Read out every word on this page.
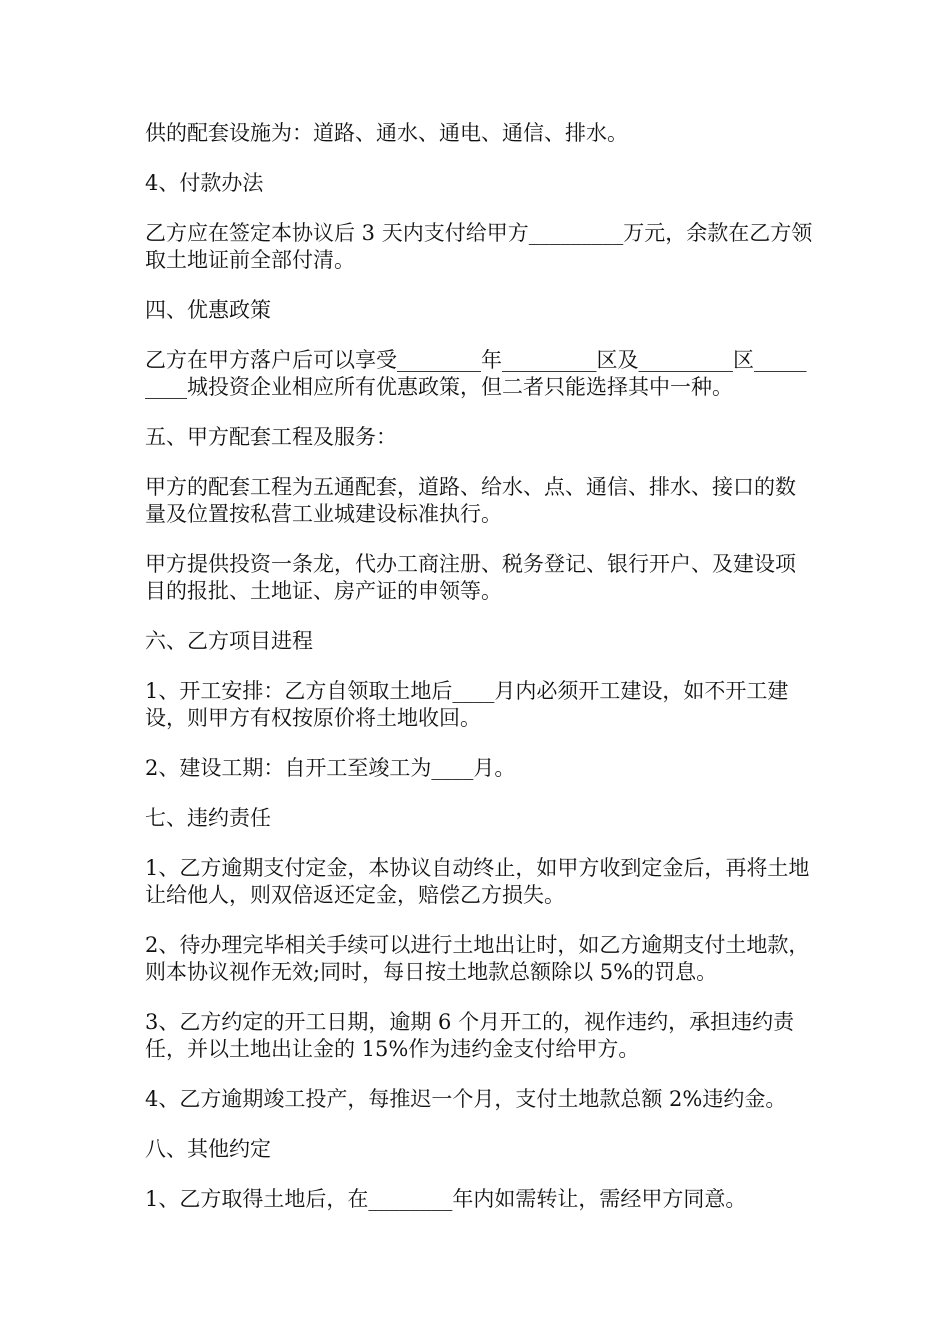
供的配套设施为：道路、通水、通电、通信、排水。

4、付款办法

乙方应在签定本协议后 3 天内支付给甲方_________万元，余款在乙方领取土地证前全部付清。

四、优惠政策

乙方在甲方落户后可以享受________年_________区及_________区_________城投资企业相应所有优惠政策，但二者只能选择其中一种。

五、甲方配套工程及服务：

甲方的配套工程为五通配套，道路、给水、点、通信、排水、接口的数量及位置按私营工业城建设标准执行。

甲方提供投资一条龙，代办工商注册、税务登记、银行开户、及建设项目的报批、土地证、房产证的申领等。

六、乙方项目进程

1、开工安排：乙方自领取土地后____月内必须开工建设，如不开工建设，则甲方有权按原价将土地收回。

2、建设工期：自开工至竣工为____月。

七、违约责任

1、乙方逾期支付定金，本协议自动终止，如甲方收到定金后，再将土地让给他人，则双倍返还定金，赔偿乙方损失。

2、待办理完毕相关手续可以进行土地出让时，如乙方逾期支付土地款，则本协议视作无效;同时，每日按土地款总额除以 5%的罚息。

3、乙方约定的开工日期，逾期 6 个月开工的，视作违约，承担违约责任，并以土地出让金的 15%作为违约金支付给甲方。

4、乙方逾期竣工投产，每推迟一个月，支付土地款总额 2%违约金。

八、其他约定

1、乙方取得土地后，在________年内如需转让，需经甲方同意。
